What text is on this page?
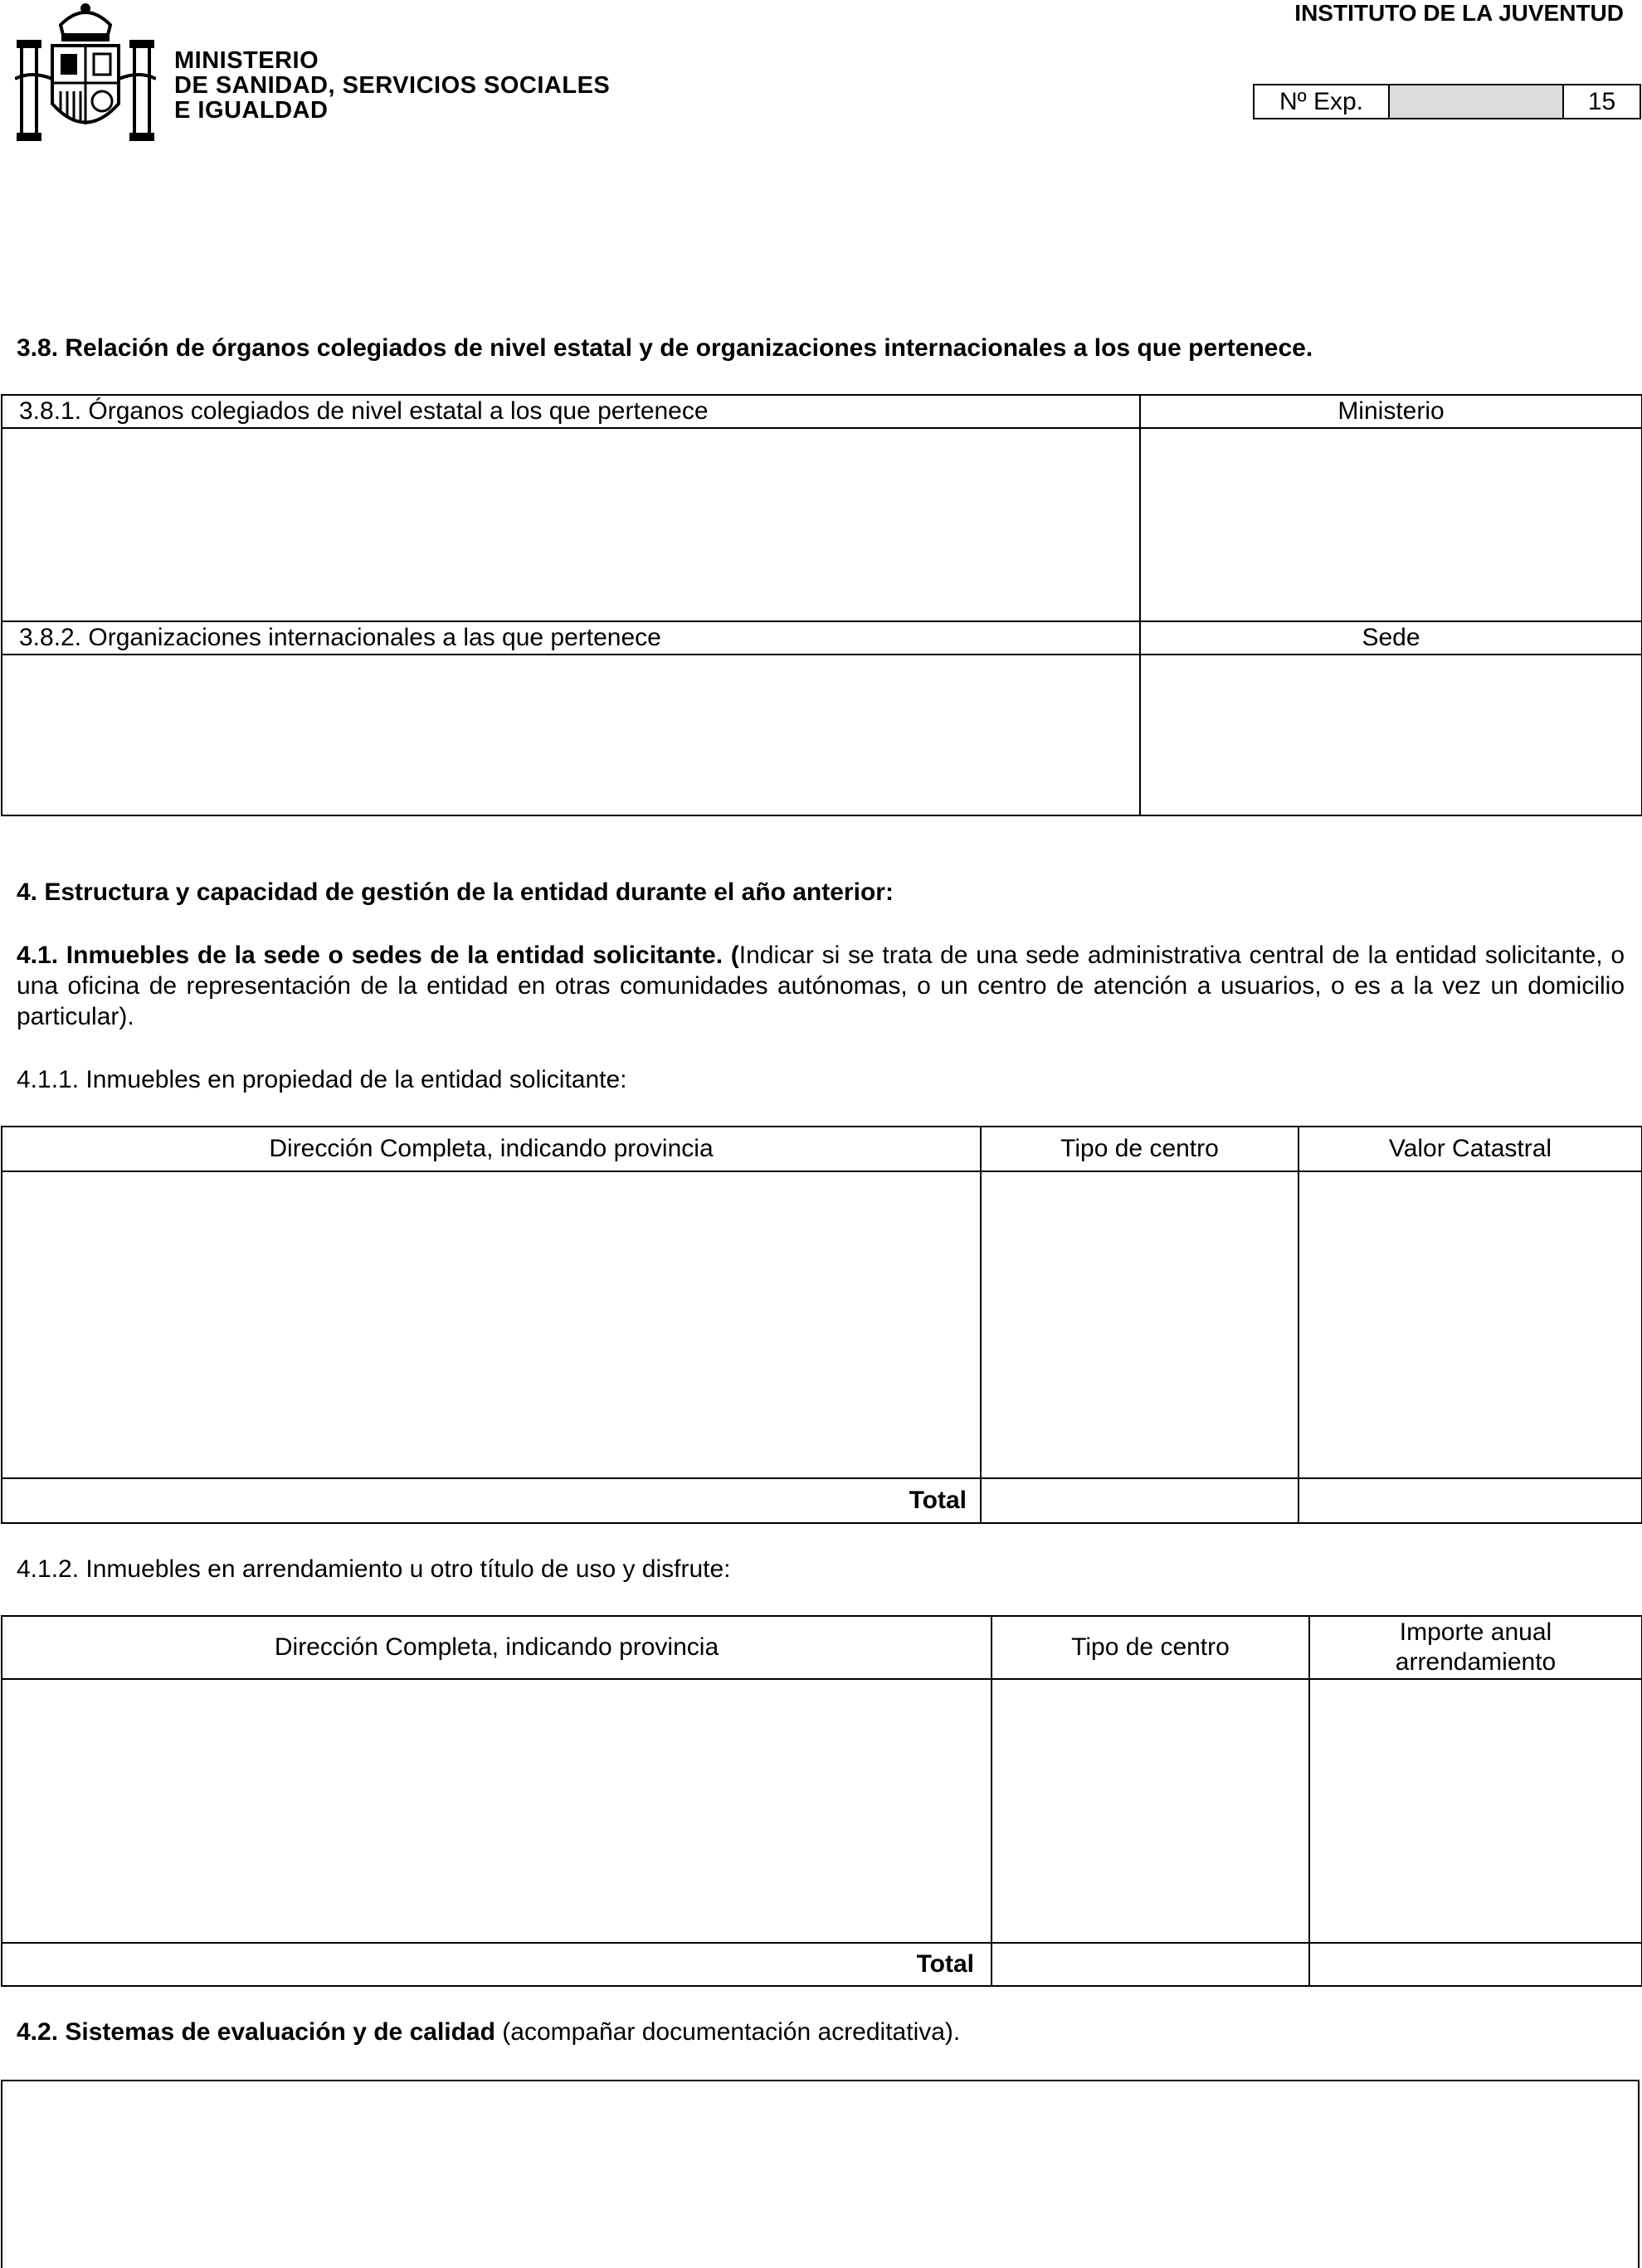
MINISTERIO
DE SANIDAD, SERVICIOS SOCIALES
E IGUALDAD
INSTITUTO DE LA JUVENTUD
Nº Exp.	15
3.8. Relación de órganos colegiados de nivel estatal y de organizaciones internacionales a los que pertenece.
3.8.1. Órganos colegiados de nivel estatal a los que pertenece	Ministerio

3.8.2. Organizaciones internacionales a las que pertenece	Sede

4. Estructura y capacidad de gestión de la entidad durante el año anterior:
4.1. Inmuebles de la sede o sedes de la entidad solicitante. (Indicar si se trata de una sede administrativa central de la entidad solicitante, o una oficina de representación de la entidad en otras comunidades autónomas, o un centro de atención a usuarios, o es a la vez un domicilio particular).
4.1.1. Inmuebles en propiedad de la entidad solicitante:
Dirección Completa, indicando provincia	Tipo de centro	Valor Catastral

Total		
4.1.2. Inmuebles en arrendamiento u otro título de uso y disfrute:
Dirección Completa, indicando provincia	Tipo de centro	Importe anual arrendamiento

Total		
4.2. Sistemas de evaluación y de calidad (acompañar documentación acreditativa).
